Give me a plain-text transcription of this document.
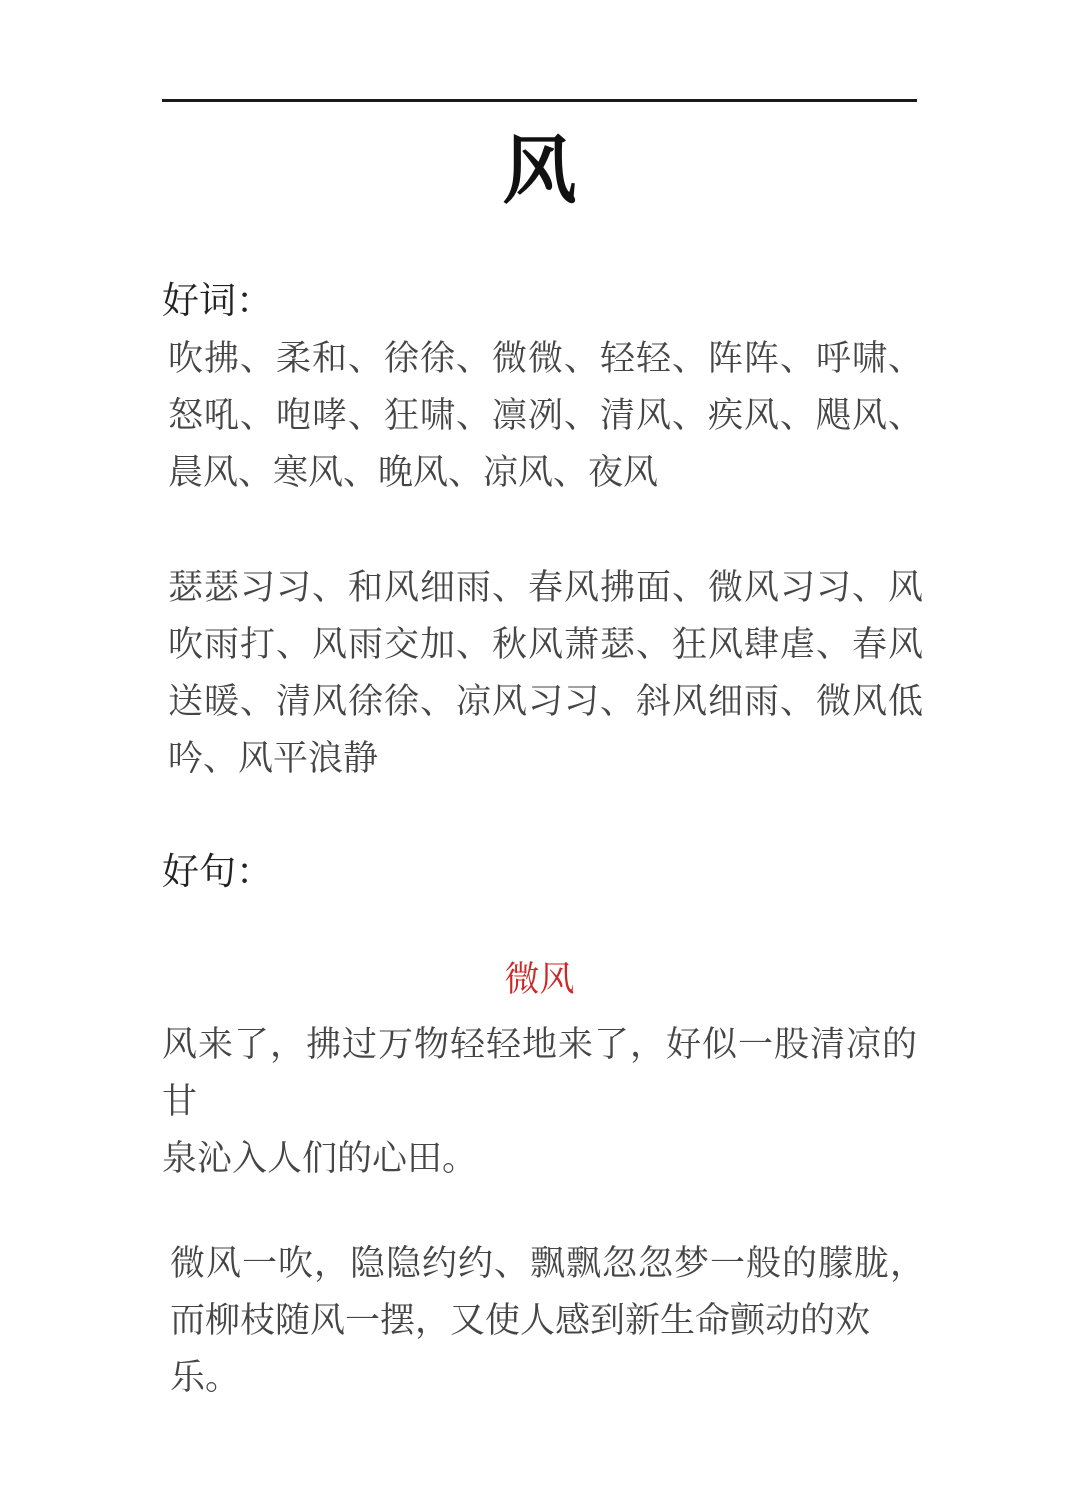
风
好词：
吹拂、柔和、徐徐、微微、轻轻、阵阵、呼啸、
怒吼、咆哮、狂啸、凛冽、清风、疾风、飓风、
晨风、寒风、晚风、凉风、夜风
瑟瑟习习、和风细雨、春风拂面、微风习习、风
吹雨打、风雨交加、秋风萧瑟、狂风肆虐、春风
送暖、清风徐徐、凉风习习、斜风细雨、微风低
吟、风平浪静
好句：
微风
风来了，拂过万物轻轻地来了，好似一股清凉的甘
泉沁入人们的心田。
微风一吹，隐隐约约、飘飘忽忽梦一般的朦胧，
而柳枝随风一摆，又使人感到新生命颤动的欢乐。
